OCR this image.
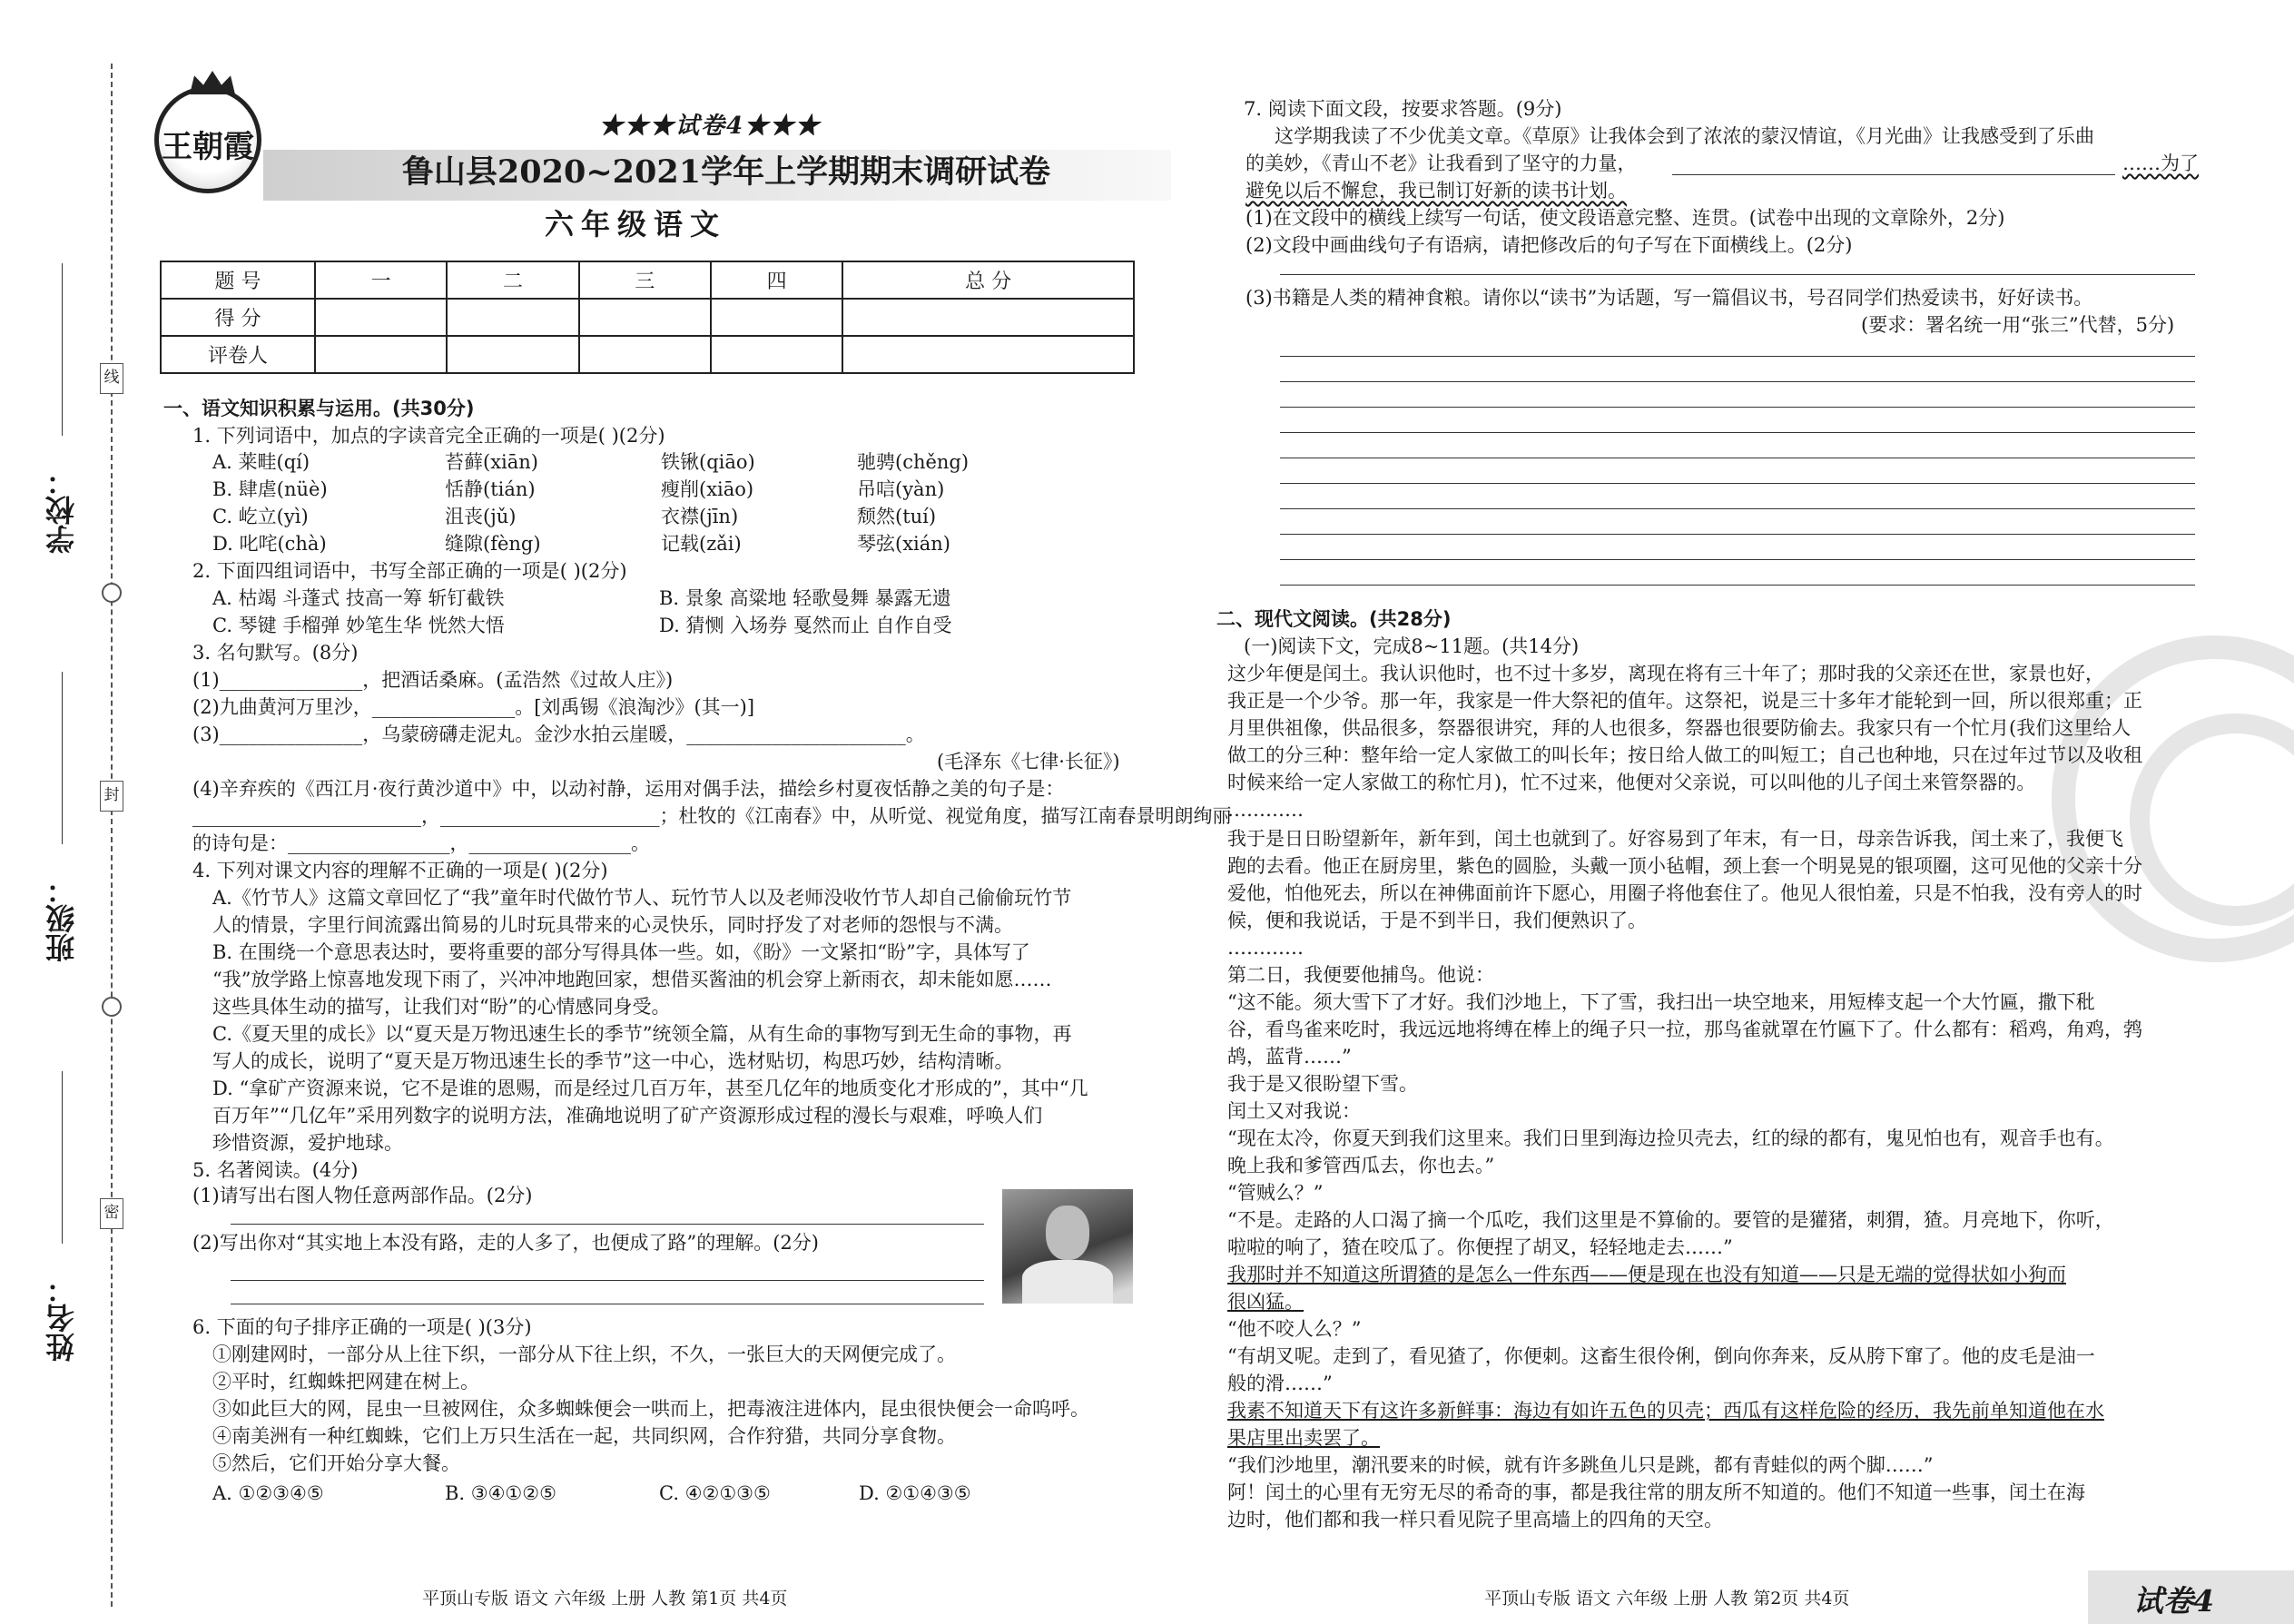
线
封
密
学校：
班级：
姓名：
王朝霞
★★★试卷4★★★
鲁山县2020~2021学年上学期期末调研试卷
六年级语文
题 号	一	二	三	四	总 分
得 分					
评卷人					
一、语文知识积累与运用。(共30分)
1. 下列词语中，加点的字读音完全正确的一项是( )(2分)
A. 莱畦(qí)	苔藓(xiān)	铁锹(qiāo)	驰骋(chěng)
B. 肆虐(nüè)	恬静(tián)	瘦削(xiāo)	吊唁(yàn)
C. 屹立(yì)	沮丧(jǔ)	衣襟(jīn)	颓然(tuí)
D. 叱咤(chà)	缝隙(fèng)	记载(zǎi)	琴弦(xián)
2. 下面四组词语中，书写全部正确的一项是( )(2分)
A. 枯竭 斗蓬式 技高一筹 斩钉截铁	B. 景象 高粱地 轻歌曼舞 暴露无遗
C. 琴键 手榴弹 妙笔生华 恍然大悟	D. 猜恻 入场券 戛然而止 自作自受
3. 名句默写。(8分)
(1)_______________，把酒话桑麻。(孟浩然《过故人庄》)
(2)九曲黄河万里沙，_______________。[刘禹锡《浪淘沙》(其一)]
(3)_______________，乌蒙磅礴走泥丸。金沙水拍云崖暖，_______________________。
(毛泽东《七律·长征》)
(4)辛弃疾的《西江月·夜行黄沙道中》中，以动衬静，运用对偶手法，描绘乡村夏夜恬静之美的句子是：
________________________，_______________________；杜牧的《江南春》中，从听觉、视觉角度，描写江南春景明朗绚丽
的诗句是：_________________，_________________。
4. 下列对课文内容的理解不正确的一项是( )(2分)
A.《竹节人》这篇文章回忆了“我”童年时代做竹节人、玩竹节人以及老师没收竹节人却自己偷偷玩竹节
人的情景，字里行间流露出简易的儿时玩具带来的心灵快乐，同时抒发了对老师的怨恨与不满。
B. 在围绕一个意思表达时，要将重要的部分写得具体一些。如，《盼》一文紧扣“盼”字，具体写了
“我”放学路上惊喜地发现下雨了，兴冲冲地跑回家，想借买酱油的机会穿上新雨衣，却未能如愿……
这些具体生动的描写，让我们对“盼”的心情感同身受。
C.《夏天里的成长》以“夏天是万物迅速生长的季节”统领全篇，从有生命的事物写到无生命的事物，再
写人的成长，说明了“夏天是万物迅速生长的季节”这一中心，选材贴切，构思巧妙，结构清晰。
D. “拿矿产资源来说，它不是谁的恩赐，而是经过几百万年，甚至几亿年的地质变化才形成的”，其中“几
百万年”“几亿年”采用列数字的说明方法，准确地说明了矿产资源形成过程的漫长与艰难，呼唤人们
珍惜资源，爱护地球。
5. 名著阅读。(4分)
(1)请写出右图人物任意两部作品。(2分)
(2)写出你对“其实地上本没有路，走的人多了，也便成了路”的理解。(2分)
6. 下面的句子排序正确的一项是( )(3分)
①刚建网时，一部分从上往下织，一部分从下往上织，不久，一张巨大的天网便完成了。
②平时，红蜘蛛把网建在树上。
③如此巨大的网，昆虫一旦被网住，众多蜘蛛便会一哄而上，把毒液注进体内，昆虫很快便会一命呜呼。
④南美洲有一种红蜘蛛，它们上万只生活在一起，共同织网，合作狩猎，共同分享食物。
⑤然后，它们开始分享大餐。
A. ①②③④⑤	B. ③④①②⑤	C. ④②①③⑤	D. ②①④③⑤
平顶山专版 语文 六年级 上册 人教 第1页 共4页
7. 阅读下面文段，按要求答题。(9分)
这学期我读了不少优美文章。《草原》让我体会到了浓浓的蒙汉情谊，《月光曲》让我感受到了乐曲
的美妙，《青山不老》让我看到了坚守的力量，	……为了
避免以后不懈怠，我已制订好新的读书计划。
(1)在文段中的横线上续写一句话，使文段语意完整、连贯。(试卷中出现的文章除外，2分)
(2)文段中画曲线句子有语病，请把修改后的句子写在下面横线上。(2分)
(3)书籍是人类的精神食粮。请你以“读书”为话题，写一篇倡议书，号召同学们热爱读书，好好读书。
(要求：署名统一用“张三”代替，5分)
二、现代文阅读。(共28分)
(一)阅读下文，完成8~11题。(共14分)
这少年便是闰土。我认识他时，也不过十多岁，离现在将有三十年了；那时我的父亲还在世，家景也好，
我正是一个少爷。那一年，我家是一件大祭祀的值年。这祭祀，说是三十多年才能轮到一回，所以很郑重；正
月里供祖像，供品很多，祭器很讲究，拜的人也很多，祭器也很要防偷去。我家只有一个忙月(我们这里给人
做工的分三种：整年给一定人家做工的叫长年；按日给人做工的叫短工；自己也种地，只在过年过节以及收租
时候来给一定人家做工的称忙月)，忙不过来，他便对父亲说，可以叫他的儿子闰土来管祭器的。
…………
我于是日日盼望新年，新年到，闰土也就到了。好容易到了年末，有一日，母亲告诉我，闰土来了，我便飞
跑的去看。他正在厨房里，紫色的圆脸，头戴一顶小毡帽，颈上套一个明晃晃的银项圈，这可见他的父亲十分
爱他，怕他死去，所以在神佛面前许下愿心，用圈子将他套住了。他见人很怕羞，只是不怕我，没有旁人的时
候，便和我说话，于是不到半日，我们便熟识了。
…………
第二日，我便要他捕鸟。他说：
“这不能。须大雪下了才好。我们沙地上，下了雪，我扫出一块空地来，用短棒支起一个大竹匾，撒下秕
谷，看鸟雀来吃时，我远远地将缚在棒上的绳子只一拉，那鸟雀就罩在竹匾下了。什么都有：稻鸡，角鸡，鹁
鸪，蓝背……”
我于是又很盼望下雪。
闰土又对我说：
“现在太冷，你夏天到我们这里来。我们日里到海边捡贝壳去，红的绿的都有，鬼见怕也有，观音手也有。
晚上我和爹管西瓜去，你也去。”
“管贼么？”
“不是。走路的人口渴了摘一个瓜吃，我们这里是不算偷的。要管的是獾猪，刺猬，猹。月亮地下，你听，
啦啦的响了，猹在咬瓜了。你便捏了胡叉，轻轻地走去……”
我那时并不知道这所谓猹的是怎么一件东西——便是现在也没有知道——只是无端的觉得状如小狗而
很凶猛。
“他不咬人么？”
“有胡叉呢。走到了，看见猹了，你便刺。这畜生很伶俐，倒向你奔来，反从胯下窜了。他的皮毛是油一
般的滑……”
我素不知道天下有这许多新鲜事：海边有如许五色的贝壳；西瓜有这样危险的经历，我先前单知道他在水
果店里出卖罢了。
“我们沙地里，潮汛要来的时候，就有许多跳鱼儿只是跳，都有青蛙似的两个脚……”
阿！闰土的心里有无穷无尽的希奇的事，都是我往常的朋友所不知道的。他们不知道一些事，闰土在海
边时，他们都和我一样只看见院子里高墙上的四角的天空。
平顶山专版 语文 六年级 上册 人教 第2页 共4页	试卷4
